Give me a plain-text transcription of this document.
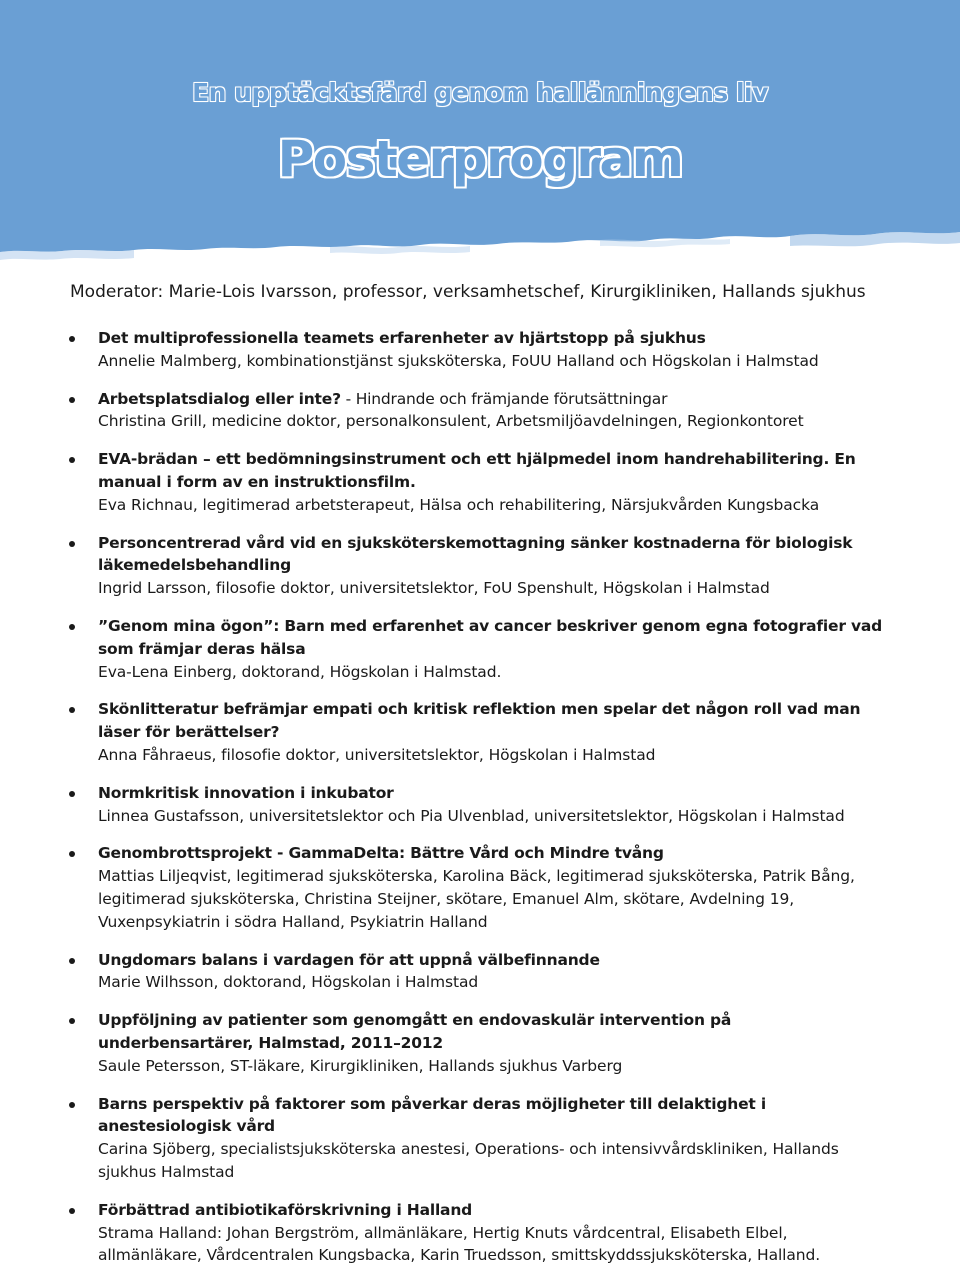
En upptäcktsfärd genom hallänningens liv
Posterprogram
Moderator: Marie-Lois Ivarsson, professor, verksamhetschef, Kirurgikliniken, Hallands sjukhus
Det multiprofessionella teamets erfarenheter av hjärtstopp på sjukhus
Annelie Malmberg, kombinationstjänst sjuksköterska, FoUU Halland och Högskolan i Halmstad
Arbetsplatsdialog eller inte? - Hindrande och främjande förutsättningar
Christina Grill, medicine doktor, personalkonsulent, Arbetsmiljöavdelningen, Regionkontoret
EVA-brädan – ett bedömningsinstrument och ett hjälpmedel inom handrehabilitering. En manual i form av en instruktionsfilm.
Eva Richnau, legitimerad arbetsterapeut, Hälsa och rehabilitering, Närsjukvården Kungsbacka
Personcentrerad vård vid en sjuksköterskemottagning sänker kostnaderna för biologisk läkemedelsbehandling
Ingrid Larsson, filosofie doktor, universitetslektor, FoU Spenshult, Högskolan i Halmstad
”Genom mina ögon”: Barn med erfarenhet av cancer beskriver genom egna fotografier vad som främjar deras hälsa
Eva-Lena Einberg, doktorand, Högskolan i Halmstad.
Skönlitteratur befrämjar empati och kritisk reflektion men spelar det någon roll vad man läser för berättelser?
Anna Fåhraeus, filosofie doktor, universitetslektor, Högskolan i Halmstad
Normkritisk innovation i inkubator
Linnea Gustafsson, universitetslektor och Pia Ulvenblad, universitetslektor, Högskolan i Halmstad
Genombrottsprojekt - GammaDelta: Bättre Vård och Mindre tvång
Mattias Liljeqvist, legitimerad sjuksköterska, Karolina Bäck, legitimerad sjuksköterska, Patrik Bång, legitimerad sjuksköterska, Christina Steijner, skötare, Emanuel Alm, skötare, Avdelning 19, Vuxenpsykiatrin i södra Halland, Psykiatrin Halland
Ungdomars balans i vardagen för att uppnå välbefinnande
Marie Wilhsson, doktorand, Högskolan i Halmstad
Uppföljning av patienter som genomgått en endovaskulär intervention på underbensartärer, Halmstad, 2011–2012
Saule Petersson, ST-läkare, Kirurgikliniken, Hallands sjukhus Varberg
Barns perspektiv på faktorer som påverkar deras möjligheter till delaktighet i anestesiologisk vård
Carina Sjöberg, specialistsjuksköterska anestesi, Operations- och intensivvårdskliniken, Hallands sjukhus Halmstad
Förbättrad antibiotikaförskrivning i Halland
Strama Halland: Johan Bergström, allmänläkare, Hertig Knuts vårdcentral, Elisabeth Elbel, allmänläkare, Vårdcentralen Kungsbacka, Karin Truedsson, smittskyddssjuksköterska, Halland.
